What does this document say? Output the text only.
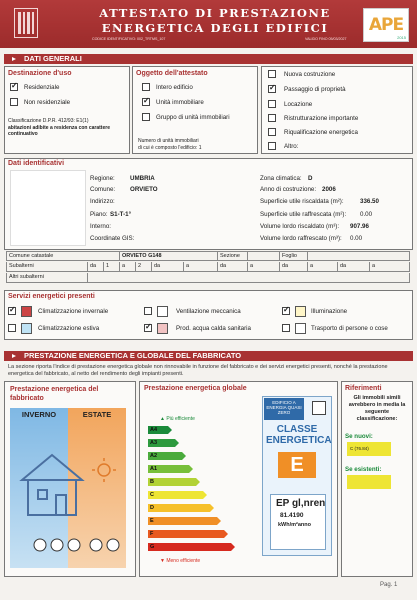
ATTESTATO DI PRESTAZIONE
ENERGETICA DEGLI EDIFICI
CODICE IDENTIFICATIVO: 002_TRTMS_107	VALIDO FINO 05/03/2027
APE
2015
DATI GENERALI
Destinazione d'uso
✓
Residenziale
Non residenziale
Classificazione D.P.R. 412/93: E1(1)
abitazioni adibite a residenza con carattere continuativo
Oggetto dell'attestato
Intero edificio
✓
Unità immobiliare
Gruppo di unità immobiliari
Numero di unità immobiliari
di cui è composto l'edificio: 1
Nuova costruzione
✓
Passaggio di proprietà
Locazione
Ristrutturazione importante
Riqualificazione energetica
Altro:
Dati identificativi
Regione: UMBRIA
Comune: ORVIETO
Indirizzo:
Piano: S1-T-1°
Interno:
Coordinate GIS:
Zona climatica: D
Anno di costruzione: 2006
Superficie utile riscaldata (m²):	336.50
Superficie utile raffrescata (m²): 0.00
Volume lordo riscaldato (m³): 907.96
Volume lordo raffrescato (m³): 0.00
Comune catastale	ORVIETO G148	Sezione	Foglio
Subalterni	da	1	a	2	da	a	da	a	da	a	da	a
Altri subalterni
Servizi energetici presenti
✓
Climatizzazione invernale
Climatizzazione estiva
Ventilazione meccanica
✓
Prod. acqua calda sanitaria
✓
Illuminazione
Trasporto di persone o cose
PRESTAZIONE ENERGETICA E GLOBALE DEL FABBRICATO
La sezione riporta l'indice di prestazione energetica globale non rinnovabile in funzione del fabbricato e dei servizi energetici presenti, nonché la prestazione energetica del fabbricato, al netto del rendimento degli impianti presenti.
Prestazione energetica del fabbricato
INVERNO	ESTATE
Prestazione energetica globale
▲ Più efficiente
A4
A3
A2
A1
B
C
D
E
F
G
▼ Meno efficiente
EDIFICIO A ENERGIA QUASI ZERO
CLASSE ENERGETICA
E
EP gl,nren
81.4190
kWh/m²anno
Riferimenti
Gli immobili simili avrebbero in media la seguente classificazione:
Se nuovi:
C (76.84)
Se esistenti:
Pag. 1
